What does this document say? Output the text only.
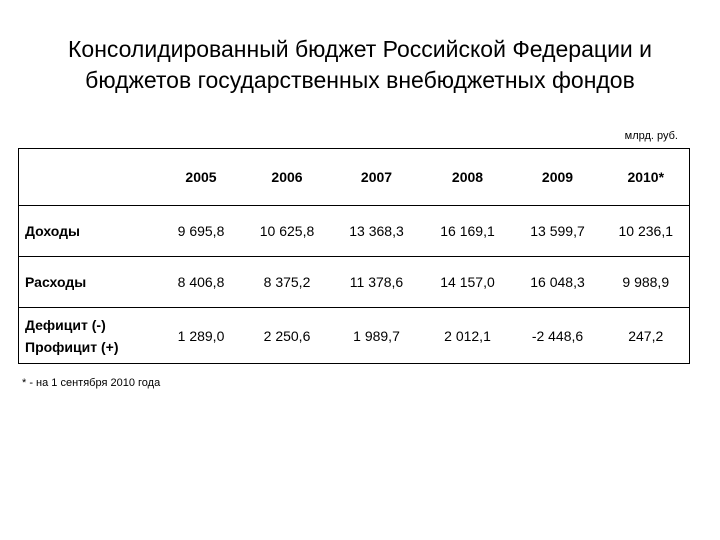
Консолидированный бюджет Российской Федерации и
бюджетов государственных внебюджетных фондов
млрд. руб.
	2005	2006	2007	2008	2009	2010*

Доходы	9 695,8	10 625,8	13 368,3	16 169,1	13 599,7	10 236,1

Расходы	8 406,8	8 375,2	11 378,6	14 157,0	16 048,3	9 988,9

Дефицит (-)
Профицит (+)	1 289,0	2 250,6	1 989,7	2 012,1	-2 448,6	247,2
* - на 1 сентября 2010 года
